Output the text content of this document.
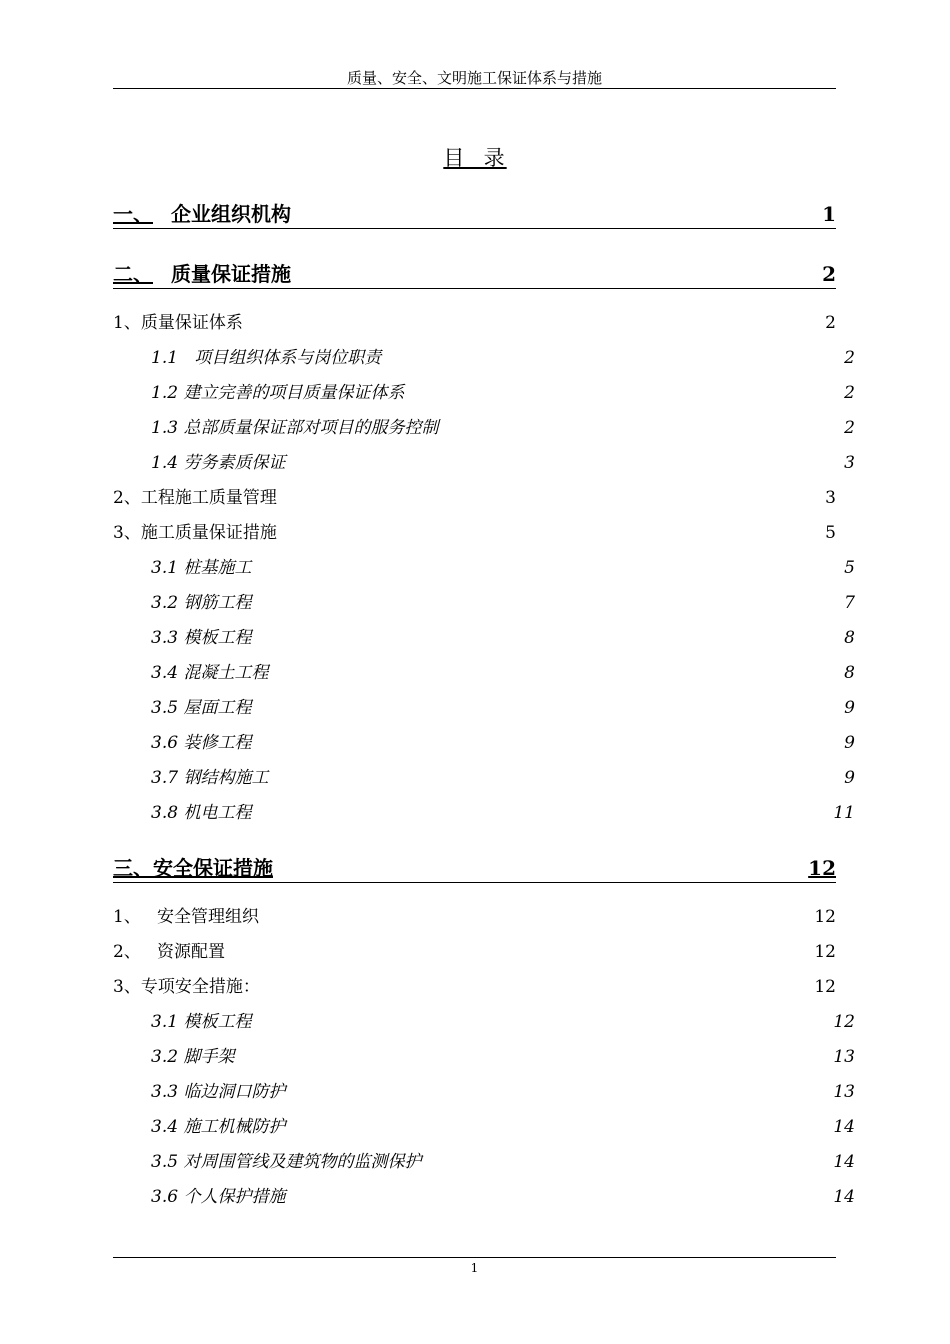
质量、安全、文明施工保证体系与措施
目  录
一、 企业组织机构	1
二、 质量保证措施	2
1、质量保证体系	2
1.1   项目组织体系与岗位职责	2
1.2 建立完善的项目质量保证体系	2
1.3 总部质量保证部对项目的服务控制	2
1.4 劳务素质保证	3
2、工程施工质量管理	3
3、施工质量保证措施	5
3.1 桩基施工	5
3.2 钢筋工程	7
3.3 模板工程	8
3.4 混凝土工程	8
3.5 屋面工程	9
3.6 装修工程	9
3.7 钢结构施工	9
3.8 机电工程	11
三、安全保证措施	12
1、   安全管理组织	12
2、   资源配置	12
3、专项安全措施：	12
3.1 模板工程	12
3.2 脚手架	13
3.3 临边洞口防护	13
3.4 施工机械防护	14
3.5 对周围管线及建筑物的监测保护	14
3.6 个人保护措施	14
1
